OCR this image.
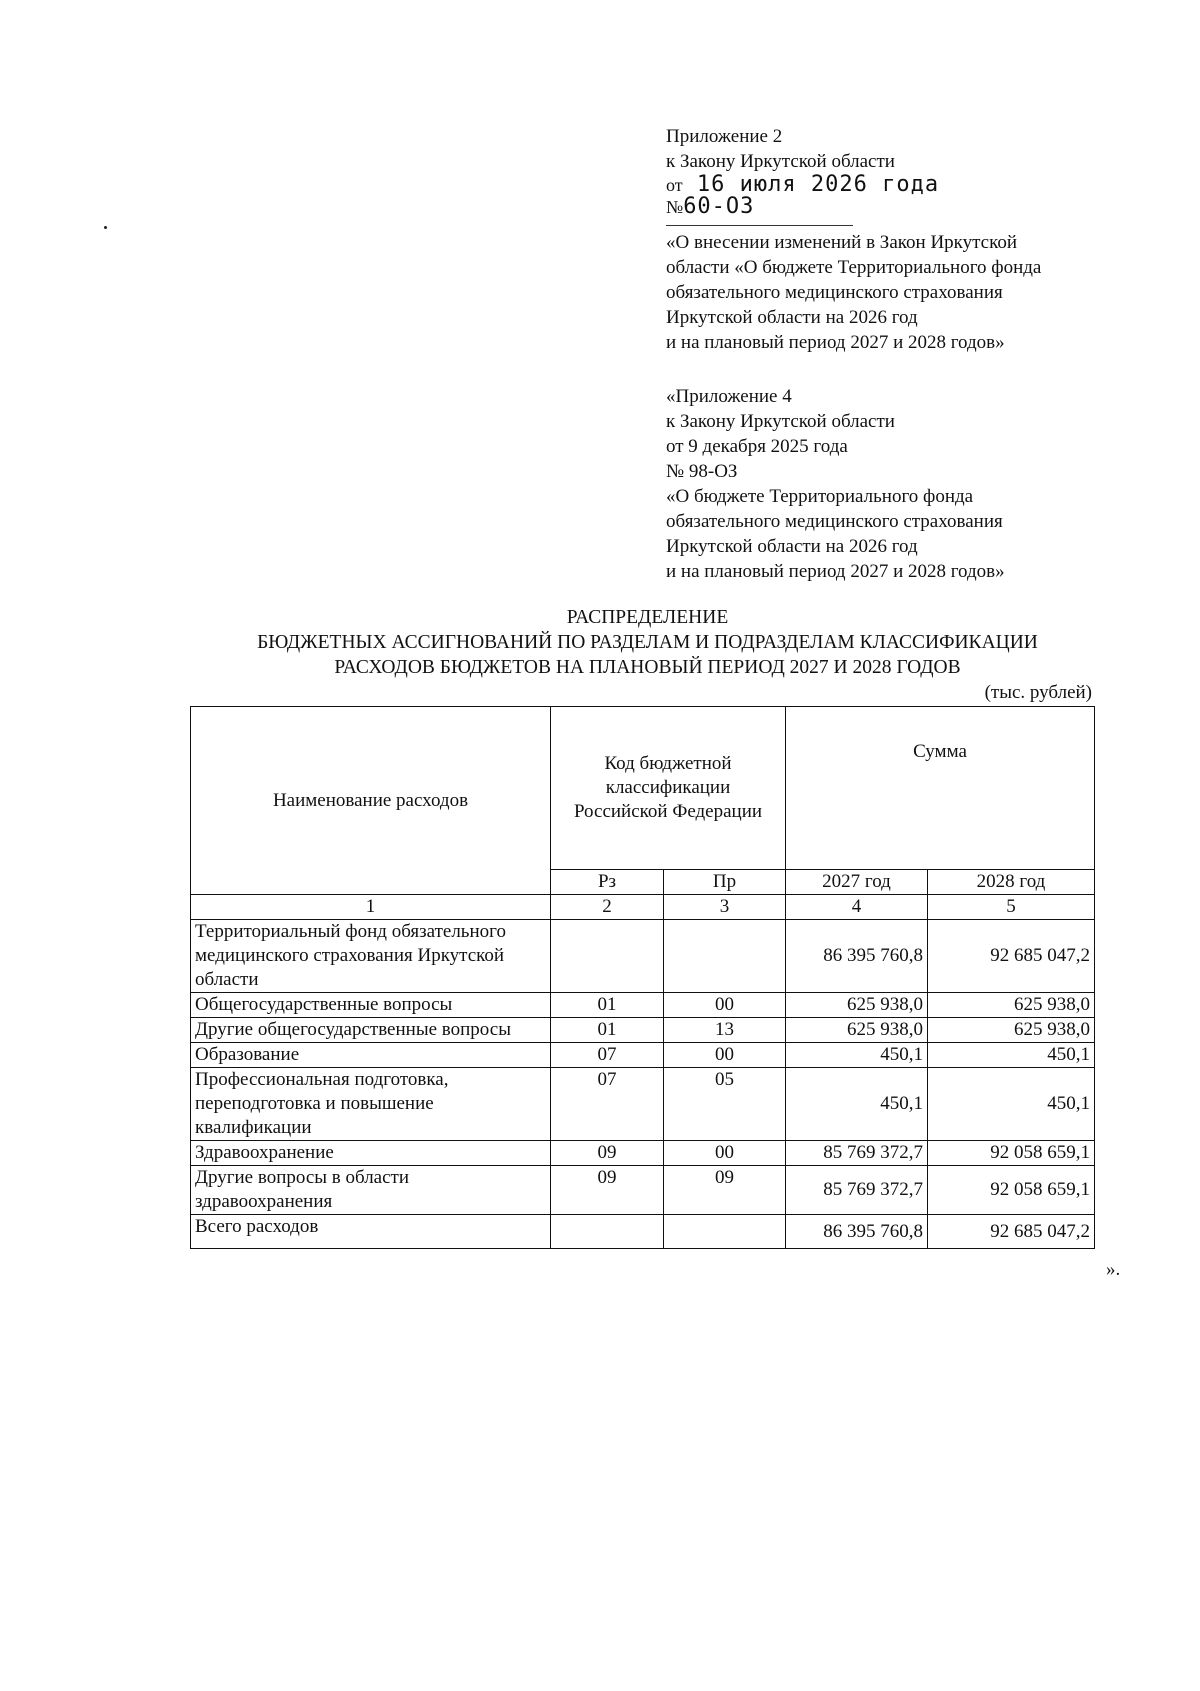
Приложение 2
к Закону Иркутской области
от 16 июля 2026 года
№60-ОЗ
«О внесении изменений в Закон Иркутской
области «О бюджете Территориального фонда
обязательного медицинского страхования
Иркутской области на 2026 год
и на плановый период 2027 и 2028 годов»
«Приложение 4
к Закону Иркутской области
от 9 декабря 2025 года
№ 98-ОЗ
«О бюджете Территориального фонда
обязательного медицинского страхования
Иркутской области на 2026 год
и на плановый период 2027 и 2028 годов»
РАСПРЕДЕЛЕНИЕ
БЮДЖЕТНЫХ АССИГНОВАНИЙ ПО РАЗДЕЛАМ И ПОДРАЗДЕЛАМ КЛАССИФИКАЦИИ
РАСХОДОВ БЮДЖЕТОВ НА ПЛАНОВЫЙ ПЕРИОД 2027 И 2028 ГОДОВ
(тыс. рублей)
Наименование расходов	Код бюджетной
классификации
Российской Федерации		Сумма	

	Рз	Пр	2027 год	2028 год
1	2	3	4	5

Территориальный фонд обязательного
медицинского страхования Иркутской
области			86 395 760,8	92 685 047,2

Общегосударственные вопросы	01	00	625 938,0	625 938,0

Другие общегосударственные вопросы	01	13	625 938,0	625 938,0

Образование	07	00	450,1	450,1

Профессиональная подготовка,
переподготовка и повышение
квалификации	07	05	450,1	450,1

Здравоохранение	09	00	85 769 372,7	92 058 659,1

Другие вопросы в области
здравоохранения	09	09	85 769 372,7	92 058 659,1

Всего расходов			86 395 760,8	92 685 047,2
».
